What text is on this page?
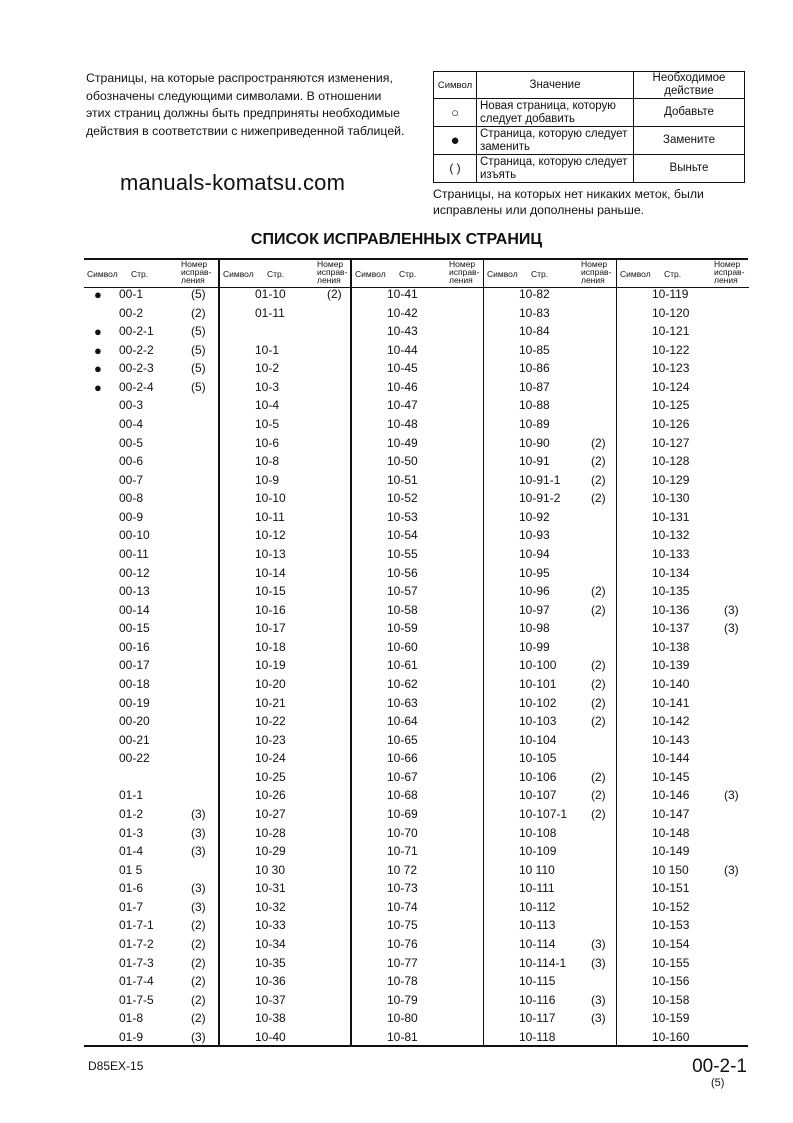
Страницы, на которые распространяются изменения, обозначены следующими символами. В отношении этих страниц должны быть предприняты необходимые действия в соответствии с нижеприведенной таблицей.
Символ	Значение	Необходимое действие
○	Новая страница, которую следует добавить	Добавьте
●	Страница, которую следует заменить	Замените
( )	Страница, которую следует изъять	Выньте
Страницы, на которых нет никаких меток, были исправлены или дополнены раньше.
СПИСОК ИСПРАВЛЕННЫХ СТРАНИЦ
Символ Стр.
Номер исправ-ления
● 00-1	(5)
00-2	(2)
● 00-2-1	(5)
● 00-2-2	(5)
● 00-2-3	(5)
● 00-2-4	(5)
00-3
00-4
00-5
00-6
00-7
00-8
00-9
00-10
00-11
00-12
00-13
00-14
00-15
00-16
00-17
00-18
00-19
00-20
00-21
00-22
01-1
01-2	(3)
01-3	(3)
01-4	(3)
01 5
01-6	(3)
01-7	(3)
01-7-1	(2)
01-7-2	(2)
01-7-3	(2)
01-7-4	(2)
01-7-5	(2)
01-8	(2)
01-9	(3)
Символ Стр.
Номер исправ-ления
01-10	(2)
01-11
10-1
10-2
10-3
10-4
10-5
10-6
10-8
10-9
10-10
10-11
10-12
10-13
10-14
10-15
10-16
10-17
10-18
10-19
10-20
10-21
10-22
10-23
10-24
10-25
10-26
10-27
10-28
10-29
10 30
10-31
10-32
10-33
10-34
10-35
10-36
10-37
10-38
10-40
Символ Стр.
Номер исправ-ления
10-41
10-42
10-43
10-44
10-45
10-46
10-47
10-48
10-49
10-50
10-51
10-52
10-53
10-54
10-55
10-56
10-57
10-58
10-59
10-60
10-61
10-62
10-63
10-64
10-65
10-66
10-67
10-68
10-69
10-70
10-71
10 72
10-73
10-74
10-75
10-76
10-77
10-78
10-79
10-80
10-81
Символ Стр.
Номер исправ-ления
10-82
10-83
10-84
10-85
10-86
10-87
10-88
10-89
10-90	(2)
10-91	(2)
10-91-1	(2)
10-91-2	(2)
10-92
10-93
10-94
10-95
10-96	(2)
10-97	(2)
10-98
10-99
10-100	(2)
10-101	(2)
10-102	(2)
10-103	(2)
10-104
10-105
10-106	(2)
10-107	(2)
10-107-1 (2)
10-108
10-109
10 110
10-111
10-112
10-113
10-114	(3)
10-114-1 (3)
10-115
10-116	(3)
10-117	(3)
10-118
Символ Стр.
Номер исправ-ления
10-119
10-120
10-121
10-122
10-123
10-124
10-125
10-126
10-127
10-128
10-129
10-130
10-131
10-132
10-133
10-134
10-135
10-136	(3)
10-137	(3)
10-138
10-139
10-140
10-141
10-142
10-143
10-144
10-145
10-146	(3)
10-147
10-148
10-149
10 150	(3)
10-151
10-152
10-153
10-154
10-155
10-156
10-158
10-159
10-160
manuals-komatsu.com
D85EX-15	00-2-1
(5)
